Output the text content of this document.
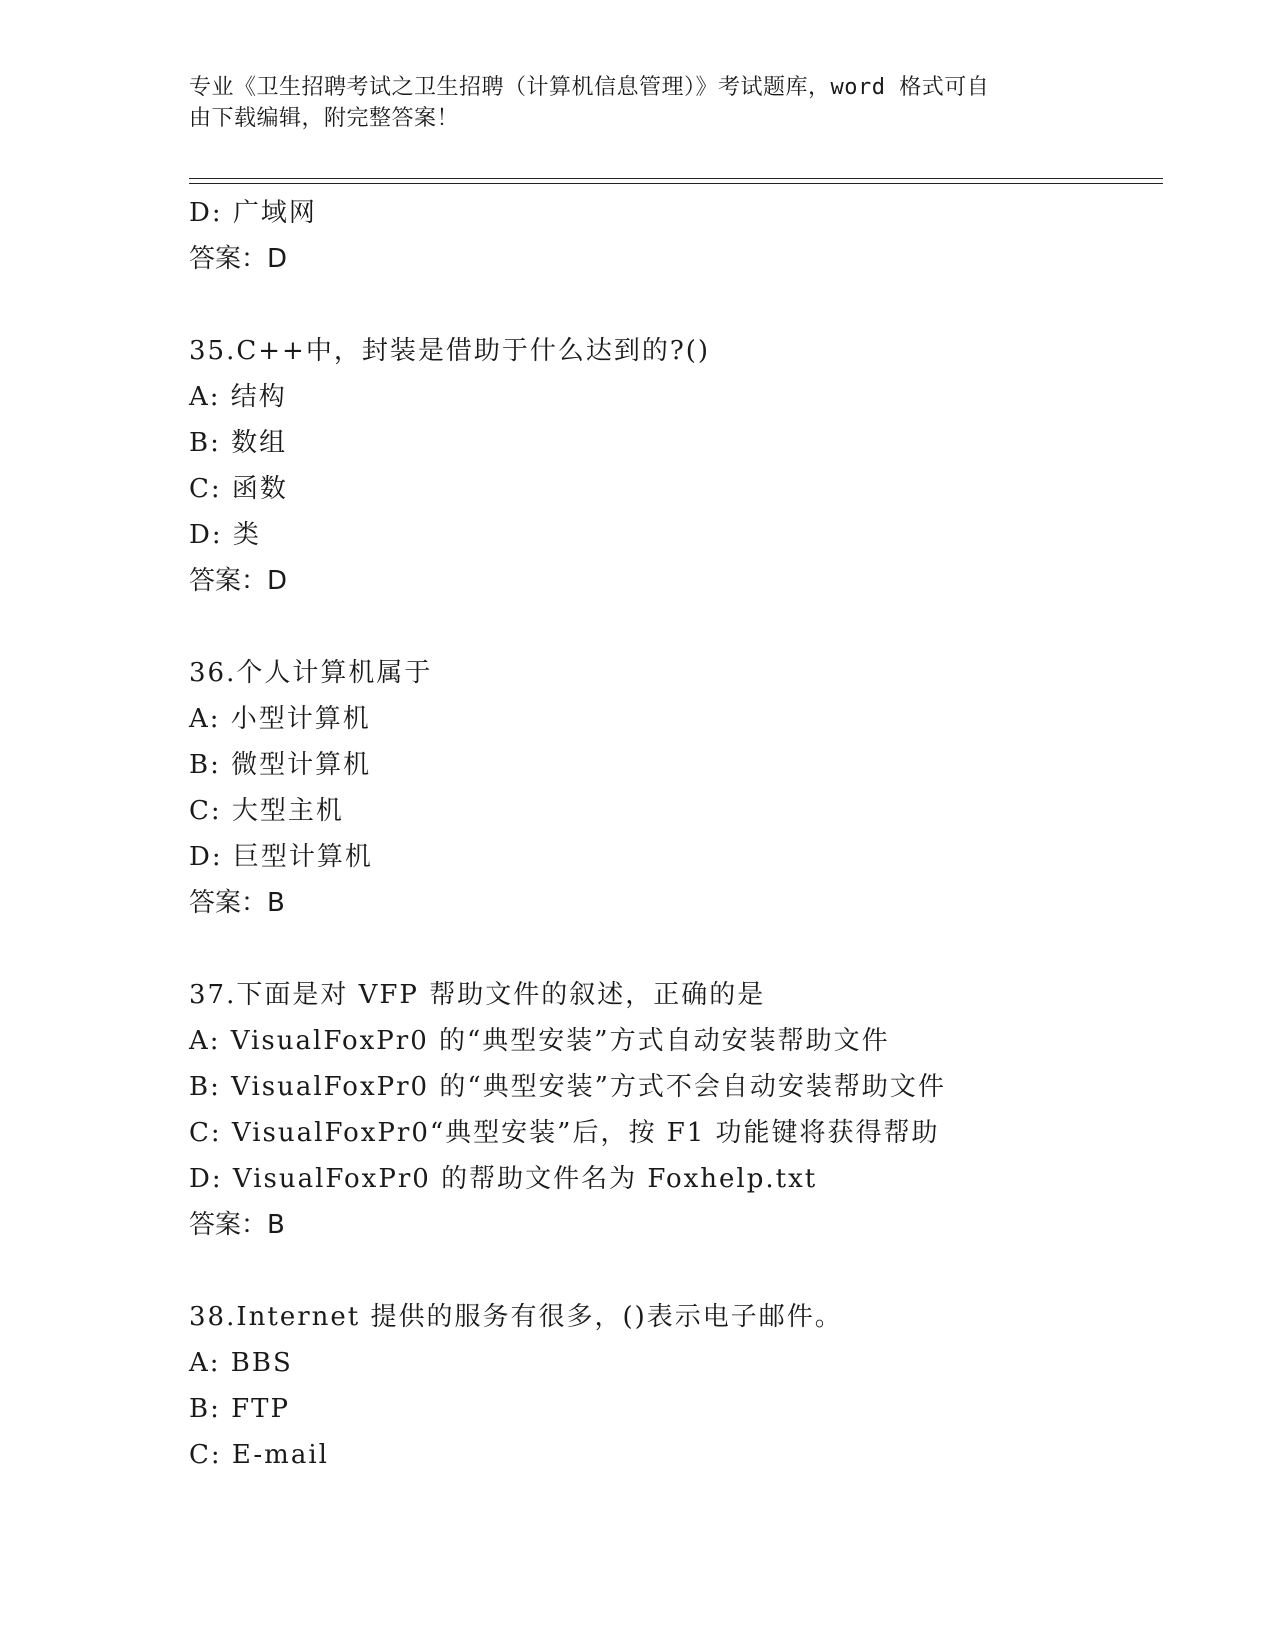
专业《卫生招聘考试之卫生招聘（计算机信息管理）》考试题库，word 格式可自
由下载编辑，附完整答案！
D: 广域网
答案：D
35.C++中，封装是借助于什么达到的?()
A: 结构
B: 数组
C: 函数
D: 类
答案：D
36.个人计算机属于
A: 小型计算机
B: 微型计算机
C: 大型主机
D: 巨型计算机
答案：B
37.下面是对 VFP 帮助文件的叙述，正确的是
A: VisualFoxPr0 的“典型安装”方式自动安装帮助文件
B: VisualFoxPr0 的“典型安装”方式不会自动安装帮助文件
C: VisualFoxPr0“典型安装”后，按 F1 功能键将获得帮助
D: VisualFoxPr0 的帮助文件名为 Foxhelp.txt
答案：B
38.Internet 提供的服务有很多，()表示电子邮件。
A: BBS
B: FTP
C: E-mail
